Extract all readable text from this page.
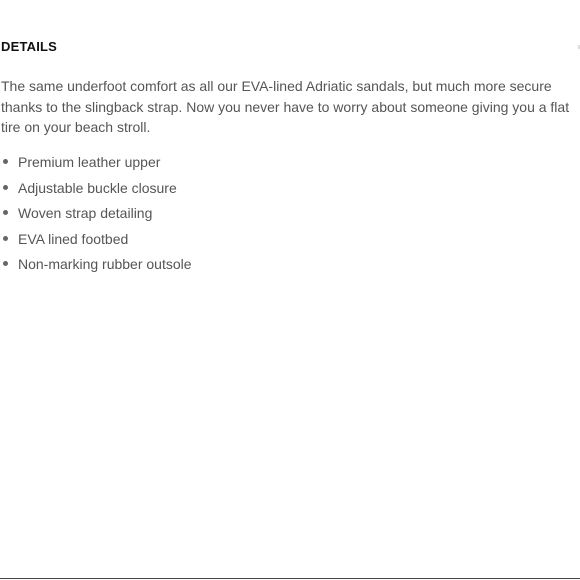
DETAILS

The same underfoot comfort as all our EVA-lined Adriatic sandals, but much more secure thanks to the slingback strap. Now you never have to worry about someone giving you a flat tire on your beach stroll.

Premium leather upper
Adjustable buckle closure
Woven strap detailing
EVA lined footbed
Non-marking rubber outsole
